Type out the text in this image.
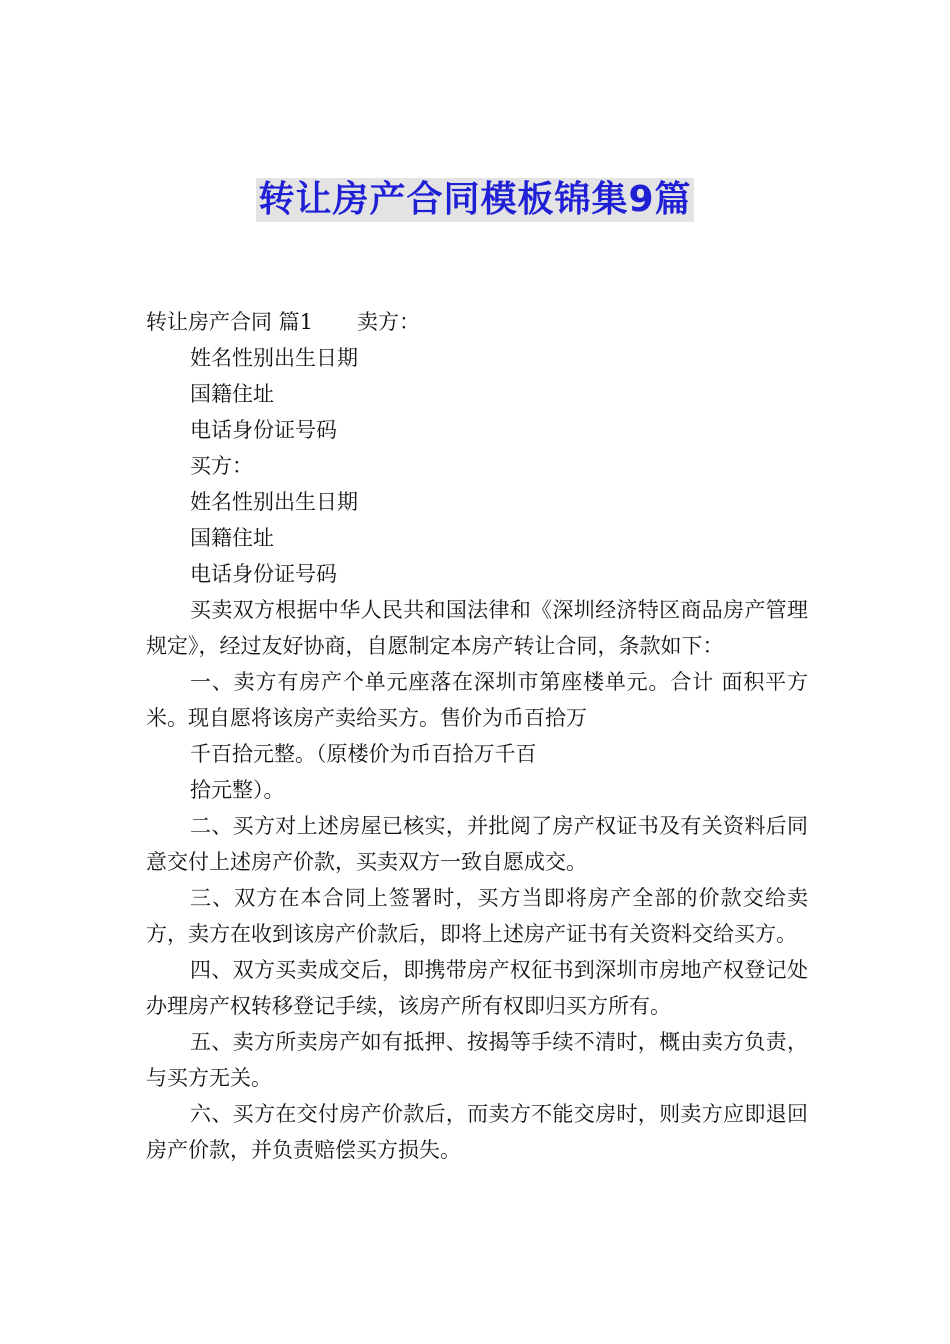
转让房产合同模板锦集9篇
转让房产合同 篇1 卖方：
姓名性别出生日期
国籍住址
电话身份证号码
买方：
姓名性别出生日期
国籍住址
电话身份证号码
买卖双方根据中华人民共和国法律和《深圳经济特区商品房产管理规定》，经过友好协商，自愿制定本房产转让合同，条款如下：
一、卖方有房产个单元座落在深圳市第座楼单元。合计 面积平方米。现自愿将该房产卖给买方。售价为币百拾万
千百拾元整。（原楼价为币百拾万千百
拾元整）。
二、买方对上述房屋已核实，并批阅了房产权证书及有关资料后同意交付上述房产价款，买卖双方一致自愿成交。
三、双方在本合同上签署时，买方当即将房产全部的价款交给卖方，卖方在收到该房产价款后，即将上述房产证书有关资料交给买方。
四、双方买卖成交后，即携带房产权征书到深圳市房地产权登记处办理房产权转移登记手续，该房产所有权即归买方所有。
五、卖方所卖房产如有抵押、按揭等手续不清时，概由卖方负责，与买方无关。
六、买方在交付房产价款后，而卖方不能交房时，则卖方应即退回房产价款，并负责赔偿买方损失。
